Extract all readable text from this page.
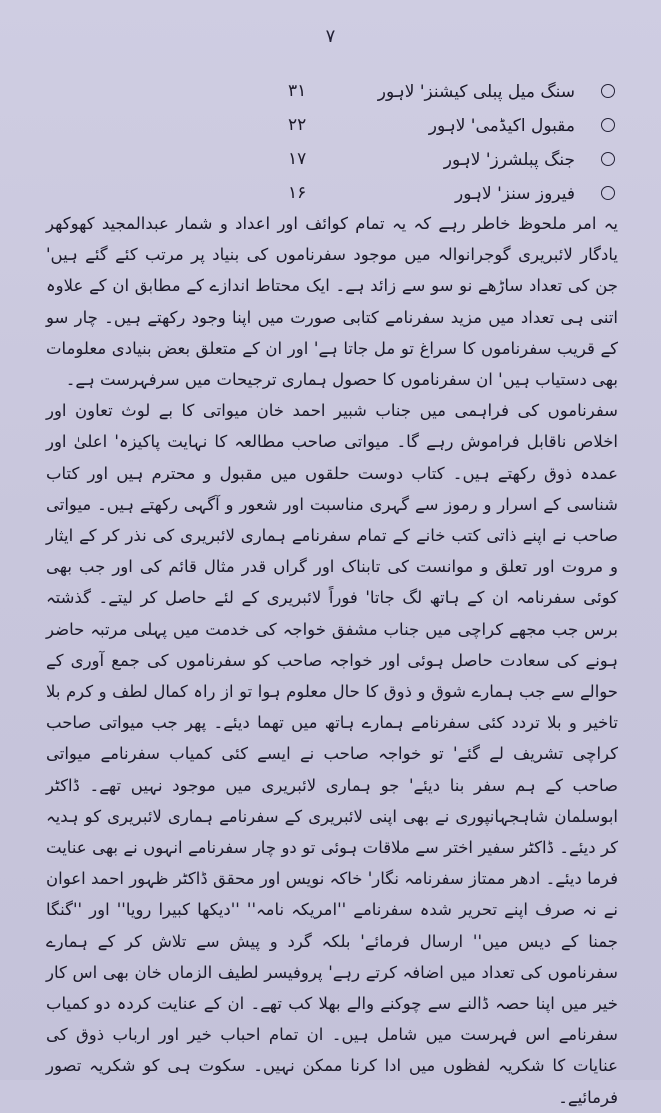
۷
سنگ میل پبلی کیشنز' لاہور
۳۱
مقبول اکیڈمی' لاہور
۲۲
جنگ پبلشرز' لاہور
۱۷
فیروز سنز' لاہور
۱۶

یہ امر ملحوظ خاطر رہے کہ یہ تمام کوائف اور اعداد و شمار عبدالمجید کھوکھر یادگار لائبریری گوجرانوالہ میں موجود سفرناموں کی بنیاد پر مرتب کئے گئے ہیں' جن کی تعداد ساڑھے نو سو سے زائد ہے۔ ایک محتاط اندازے کے مطابق ان کے علاوہ اتنی ہی تعداد میں مزید سفرنامے کتابی صورت میں اپنا وجود رکھتے ہیں۔ چار سو کے قریب سفرناموں کا سراغ تو مل جاتا ہے' اور ان کے متعلق بعض بنیادی معلومات بھی دستیاب ہیں' ان سفرناموں کا حصول ہماری ترجیحات میں سرفہرست ہے۔

سفرناموں کی فراہمی میں جناب شبیر احمد خان میواتی کا بے لوث تعاون اور اخلاص ناقابل فراموش رہے گا۔ میواتی صاحب مطالعہ کا نہایت پاکیزہ' اعلیٰ اور عمدہ ذوق رکھتے ہیں۔ کتاب دوست حلقوں میں مقبول و محترم ہیں اور کتاب شناسی کے اسرار و رموز سے گہری مناسبت اور شعور و آگہی رکھتے ہیں۔ میواتی صاحب نے اپنے ذاتی کتب خانے کے تمام سفرنامے ہماری لائبریری کی نذر کر کے ایثار و مروت اور تعلق و موانست کی تابناک اور گراں قدر مثال قائم کی اور جب بھی کوئی سفرنامہ ان کے ہاتھ لگ جاتا' فوراً لائبریری کے لئے حاصل کر لیتے۔ گذشتہ برس جب مجھے کراچی میں جناب مشفق خواجہ کی خدمت میں پہلی مرتبہ حاضر ہونے کی سعادت حاصل ہوئی اور خواجہ صاحب کو سفرناموں کی جمع آوری کے حوالے سے جب ہمارے شوق و ذوق کا حال معلوم ہوا تو از راہ کمال لطف و کرم بلا تاخیر و بلا تردد کئی سفرنامے ہمارے ہاتھ میں تھما دیئے۔ پھر جب میواتی صاحب کراچی تشریف لے گئے' تو خواجہ صاحب نے ایسے کئی کمیاب سفرنامے میواتی صاحب کے ہم سفر بنا دیئے' جو ہماری لائبریری میں موجود نہیں تھے۔ ڈاکٹر ابوسلمان شاہجہانپوری نے بھی اپنی لائبریری کے سفرنامے ہماری لائبریری کو ہدیہ کر دیئے۔ ڈاکٹر سفیر اختر سے ملاقات ہوئی تو دو چار سفرنامے انہوں نے بھی عنایت فرما دیئے۔ ادھر ممتاز سفرنامہ نگار' خاکہ نویس اور محقق ڈاکٹر ظہور احمد اعوان نے نہ صرف اپنے تحریر شدہ سفرنامے ''امریکہ نامہ'' ''دیکھا کبیرا رویا'' اور ''گنگا جمنا کے دیس میں'' ارسال فرمائے' بلکہ گرد و پیش سے تلاش کر کے ہمارے سفرناموں کی تعداد میں اضافہ کرتے رہے' پروفیسر لطیف الزماں خان بھی اس کار خیر میں اپنا حصہ ڈالنے سے چوکنے والے بھلا کب تھے۔ ان کے عنایت کردہ دو کمیاب سفرنامے اس فہرست میں شامل ہیں۔ ان تمام احباب خیر اور ارباب ذوق کی عنایات کا شکریہ لفظوں میں ادا کرنا ممکن نہیں۔ سکوت ہی کو شکریہ تصور فرمائیے۔
